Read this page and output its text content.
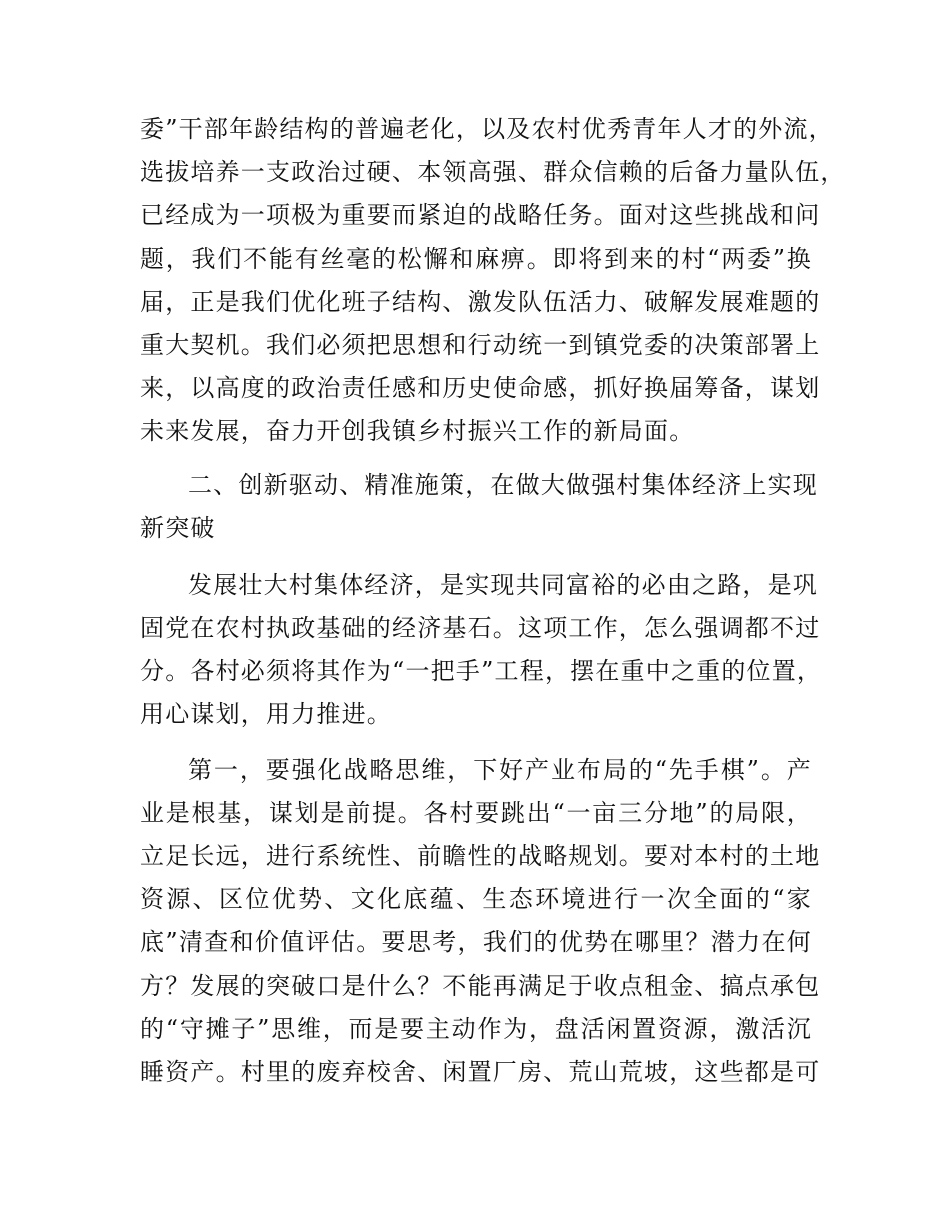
委”干部年龄结构的普遍老化，以及农村优秀青年人才的外流，
选拔培养一支政治过硬、本领高强、群众信赖的后备力量队伍，
已经成为一项极为重要而紧迫的战略任务。面对这些挑战和问
题，我们不能有丝毫的松懈和麻痹。即将到来的村“两委”换
届，正是我们优化班子结构、激发队伍活力、破解发展难题的
重大契机。我们必须把思想和行动统一到镇党委的决策部署上
来，以高度的政治责任感和历史使命感，抓好换届筹备，谋划
未来发展，奋力开创我镇乡村振兴工作的新局面。
二、创新驱动、精准施策，在做大做强村集体经济上实现
新突破
发展壮大村集体经济，是实现共同富裕的必由之路，是巩
固党在农村执政基础的经济基石。这项工作，怎么强调都不过
分。各村必须将其作为“一把手”工程，摆在重中之重的位置，
用心谋划，用力推进。
第一，要强化战略思维，下好产业布局的“先手棋”。产
业是根基，谋划是前提。各村要跳出“一亩三分地”的局限，
立足长远，进行系统性、前瞻性的战略规划。要对本村的土地
资源、区位优势、文化底蕴、生态环境进行一次全面的“家
底”清查和价值评估。要思考，我们的优势在哪里？潜力在何
方？发展的突破口是什么？不能再满足于收点租金、搞点承包
的“守摊子”思维，而是要主动作为，盘活闲置资源，激活沉
睡资产。村里的废弃校舍、闲置厂房、荒山荒坡，这些都是可
